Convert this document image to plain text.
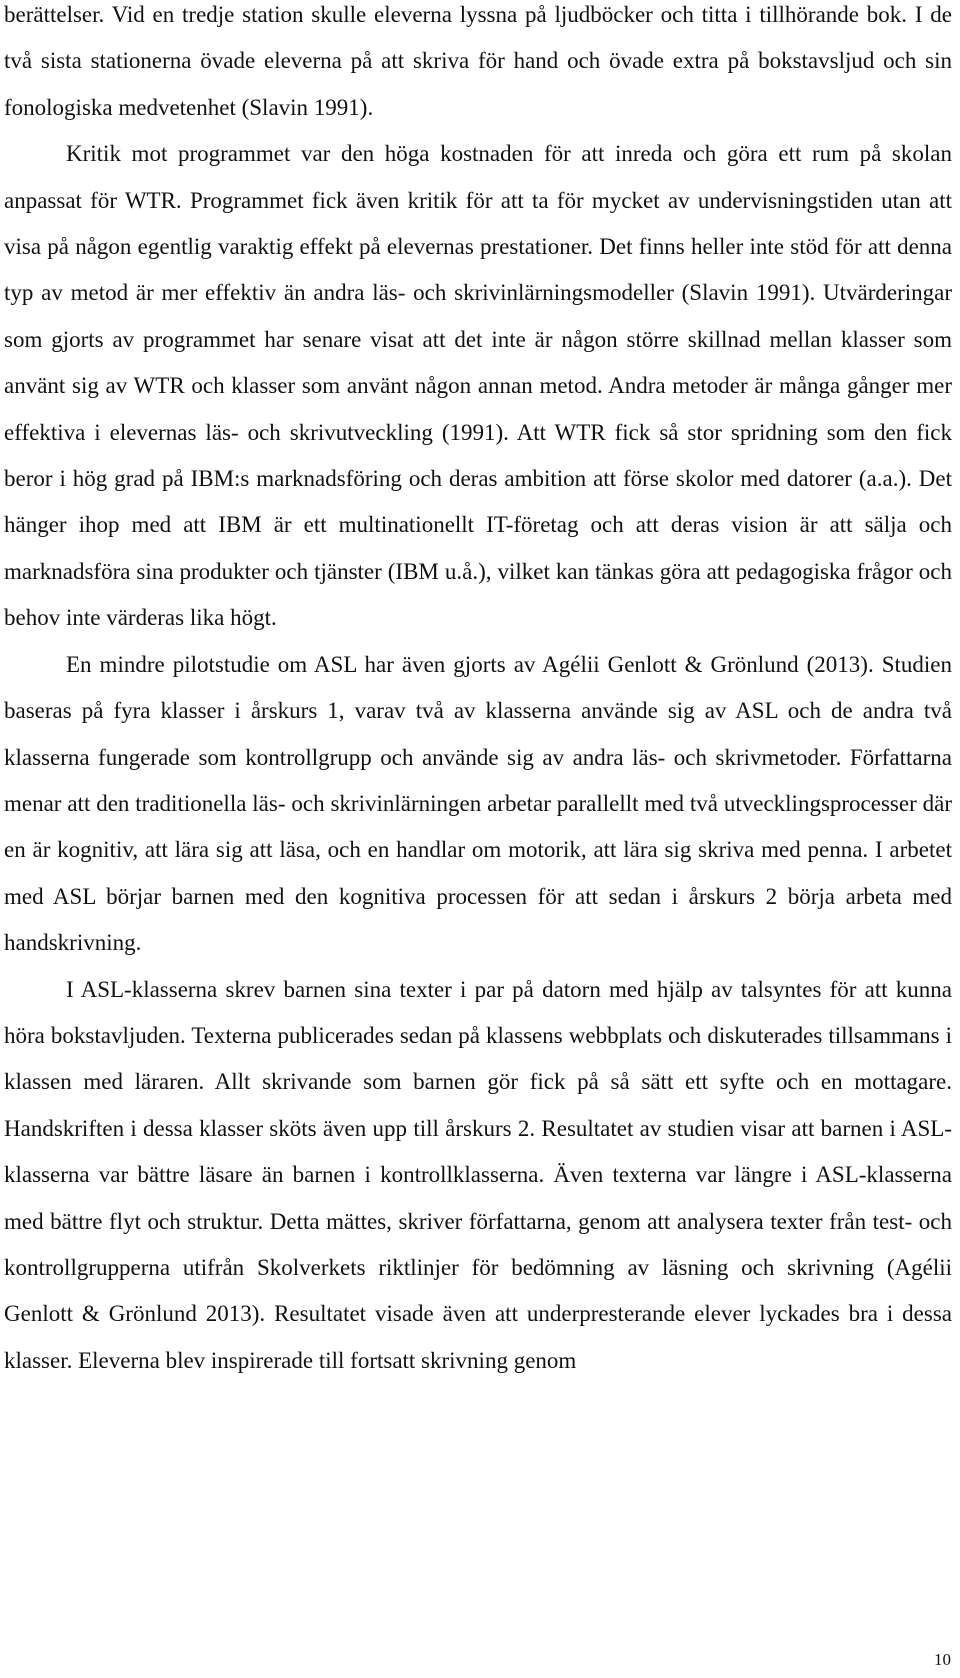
berättelser. Vid en tredje station skulle eleverna lyssna på ljudböcker och titta i tillhörande bok. I de två sista stationerna övade eleverna på att skriva för hand och övade extra på bokstavsljud och sin fonologiska medvetenhet (Slavin 1991).

Kritik mot programmet var den höga kostnaden för att inreda och göra ett rum på skolan anpassat för WTR. Programmet fick även kritik för att ta för mycket av undervisningstiden utan att visa på någon egentlig varaktig effekt på elevernas prestationer. Det finns heller inte stöd för att denna typ av metod är mer effektiv än andra läs- och skrivinlärningsmodeller (Slavin 1991). Utvärderingar som gjorts av programmet har senare visat att det inte är någon större skillnad mellan klasser som använt sig av WTR och klasser som använt någon annan metod. Andra metoder är många gånger mer effektiva i elevernas läs- och skrivutveckling (1991). Att WTR fick så stor spridning som den fick beror i hög grad på IBM:s marknadsföring och deras ambition att förse skolor med datorer (a.a.). Det hänger ihop med att IBM är ett multinationellt IT-företag och att deras vision är att sälja och marknadsföra sina produkter och tjänster (IBM u.å.), vilket kan tänkas göra att pedagogiska frågor och behov inte värderas lika högt.

En mindre pilotstudie om ASL har även gjorts av Agélii Genlott & Grönlund (2013). Studien baseras på fyra klasser i årskurs 1, varav två av klasserna använde sig av ASL och de andra två klasserna fungerade som kontrollgrupp och använde sig av andra läs- och skrivmetoder. Författarna menar att den traditionella läs- och skrivinlärningen arbetar parallellt med två utvecklingsprocesser där en är kognitiv, att lära sig att läsa, och en handlar om motorik, att lära sig skriva med penna. I arbetet med ASL börjar barnen med den kognitiva processen för att sedan i årskurs 2 börja arbeta med handskrivning.

I ASL-klasserna skrev barnen sina texter i par på datorn med hjälp av talsyntes för att kunna höra bokstavljuden. Texterna publicerades sedan på klassens webbplats och diskuterades tillsammans i klassen med läraren. Allt skrivande som barnen gör fick på så sätt ett syfte och en mottagare. Handskriften i dessa klasser sköts även upp till årskurs 2. Resultatet av studien visar att barnen i ASL-klasserna var bättre läsare än barnen i kontrollklasserna. Även texterna var längre i ASL-klasserna med bättre flyt och struktur. Detta mättes, skriver författarna, genom att analysera texter från test- och kontrollgrupperna utifrån Skolverkets riktlinjer för bedömning av läsning och skrivning (Agélii Genlott & Grönlund 2013). Resultatet visade även att underpresterande elever lyckades bra i dessa klasser. Eleverna blev inspirerade till fortsatt skrivning genom

10
